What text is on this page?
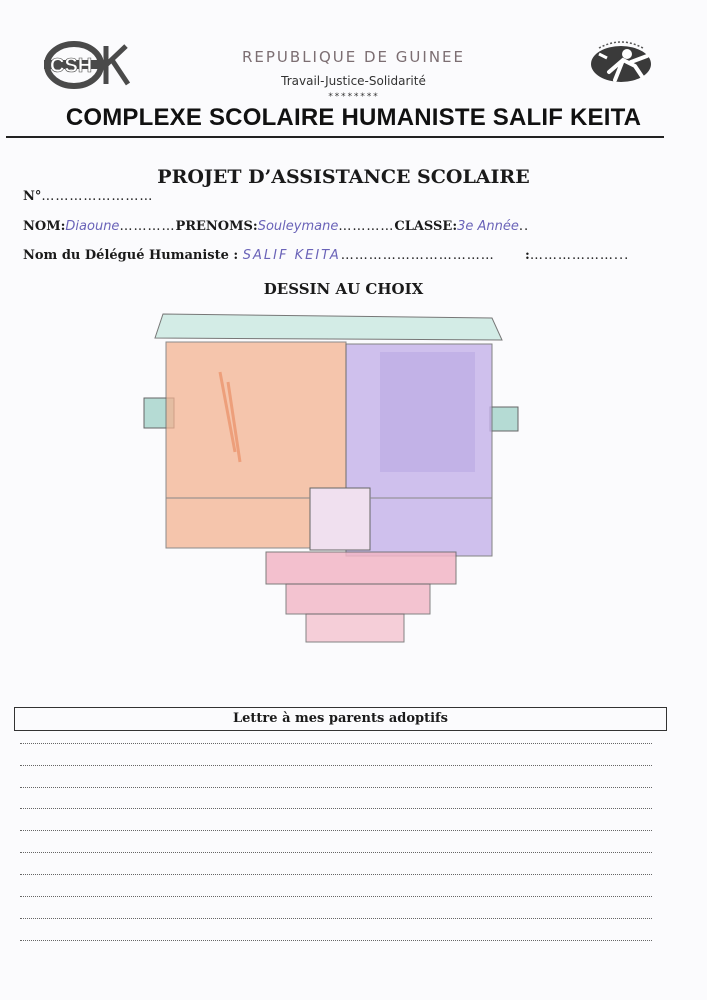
CSH	REPUBLIQUE DE GUINEE
Travail-Justice-Solidarité
********
COMPLEXE SCOLAIRE HUMANISTE SALIF KEITA
PROJET D’ASSISTANCE SCOLAIRE
N°……………………
NOM:Diaoune…………PRENOMS:Souleymane…………CLASSE:3e Année..
Nom du Délégué Humaniste : SALIF KEITA…………………………… :………………...
DESSIN AU CHOIX
Lettre à mes parents adoptifs
